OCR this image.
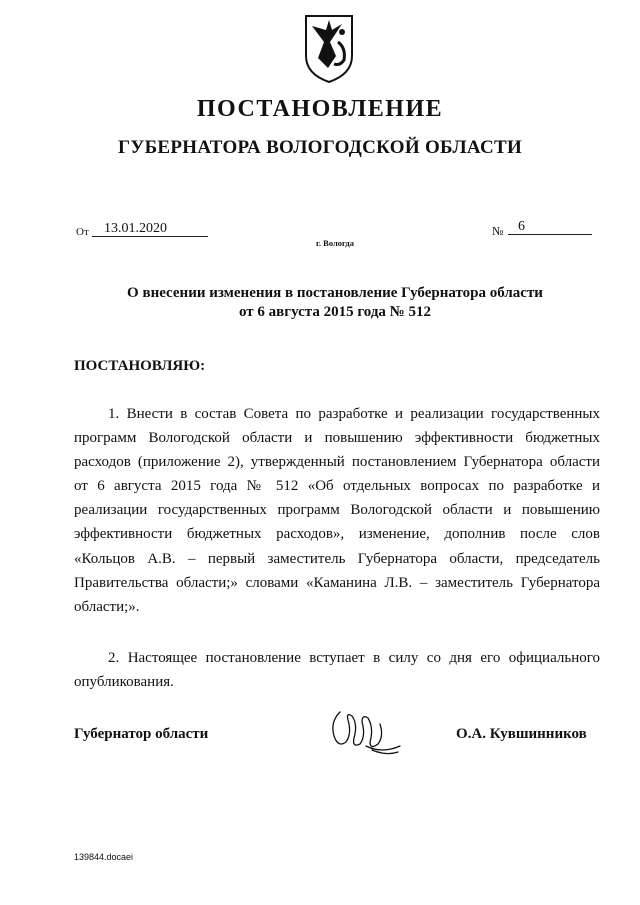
ПОСТАНОВЛЕНИЕ
ГУБЕРНАТОРА ВОЛОГОДСКОЙ ОБЛАСТИ
От 13.01.2020	№ 6
г. Вологда
О внесении изменения в постановление Губернатора области
от 6 августа 2015 года № 512
ПОСТАНОВЛЯЮ:
1. Внести в состав Совета по разработке и реализации государственных
программ Вологодской области и повышению эффективности бюджетных
расходов (приложение 2), утвержденный постановлением Губернатора области
от 6 августа 2015 года № 512 «Об отдельных вопросах по разработке и
реализации государственных программ Вологодской области и повышению
эффективности бюджетных расходов», изменение, дополнив после слов
«Кольцов А.В. – первый заместитель Губернатора области, председатель
Правительства области;» словами «Каманина Л.В. – заместитель Губернатора
области;».
2. Настоящее постановление вступает в силу со дня его официального
опубликования.
Губернатор области	О.А. Кувшинников
139844.docaei
